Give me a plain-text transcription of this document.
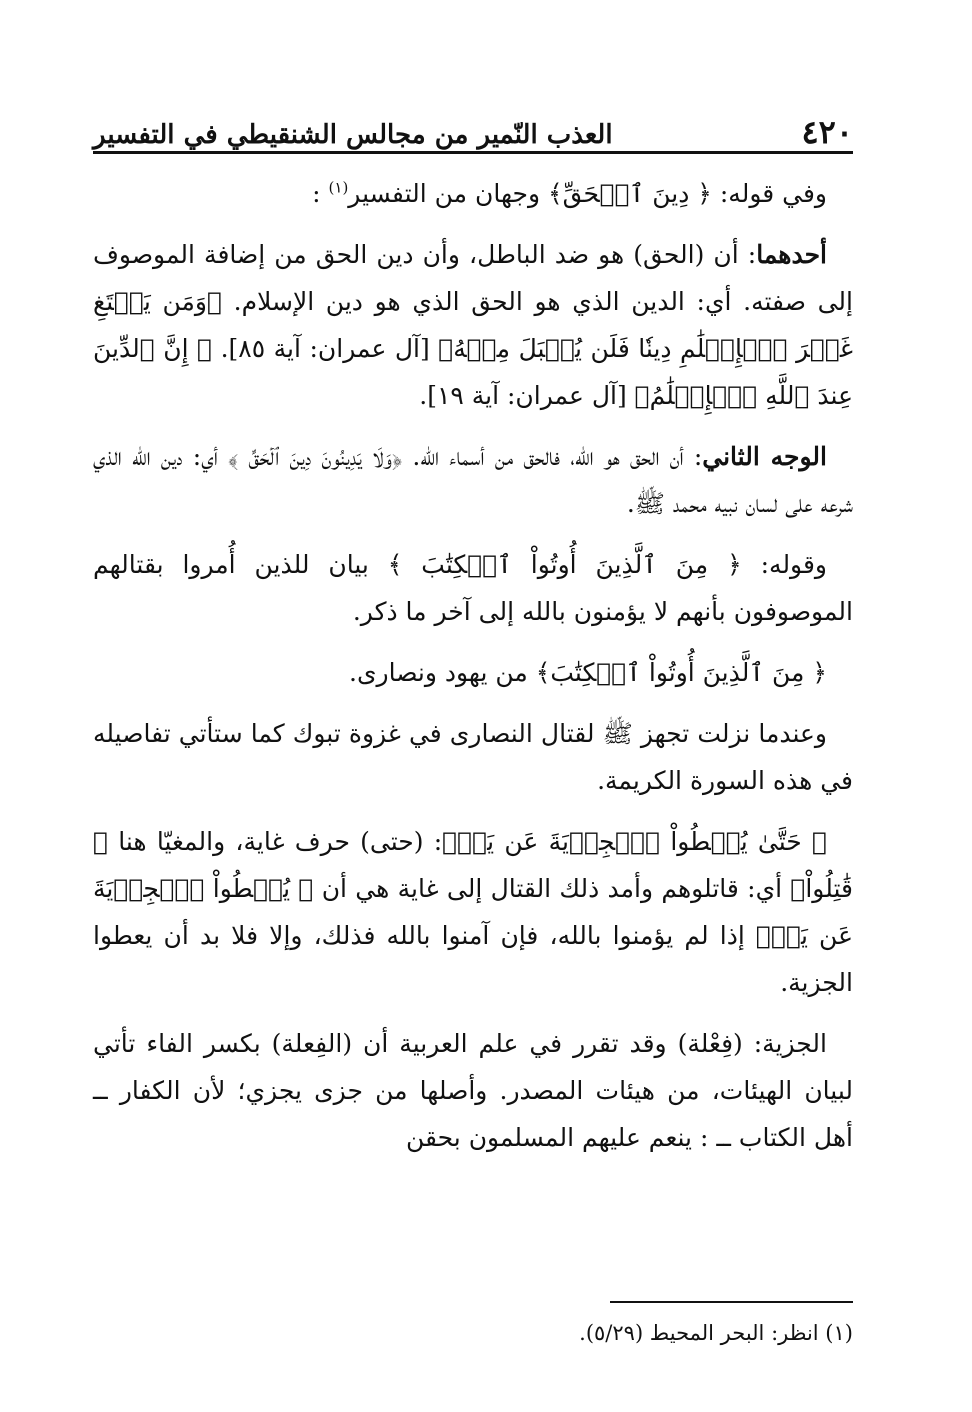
٤٢٠
العذب النّمير من مجالس الشنقيطي في التفسير

وفي قوله: ﴿ دِينَ ٱلۡحَقِّ﴾ وجهان من التفسير$^{(١)}$ :

أحدهما: أن (الحق) هو ضد الباطل، وأن دين الحق من إضافة الموصوف إلى صفته. أي: الدين الذي هو الحق الذي هو دين الإسلام. ﴿وَمَن يَبۡتَغِ غَيۡرَ ٱلۡإِسۡلَٰمِ دِينٗا فَلَن يُقۡبَلَ مِنۡهُ﴾ [آل عمران: آية ٨٥]. ﴿ إِنَّ ٱلدِّينَ عِندَ ٱللَّهِ ٱلۡإِسۡلَٰمُ﴾ [آل عمران: آية ١٩].

الوجه الثاني: أن الحق هو الله، فالحق من أسماء الله. ﴿وَلَا يَدِينُونَ دِينَ ٱلۡحَقِّ ﴾ أي: دين الله الذي شرعه على لسان نبيه محمد ﷺ.

وقوله: ﴿ مِنَ ٱلَّذِينَ أُوتُواْ ٱلۡكِتَٰبَ ﴾ بيان للذين أُمروا بقتالهم الموصوفون بأنهم لا يؤمنون بالله إلى آخر ما ذكر.

﴿ مِنَ ٱلَّذِينَ أُوتُواْ ٱلۡكِتَٰبَ﴾ من يهود ونصارى.

وعندما نزلت تجهز ﷺ لقتال النصارى في غزوة تبوك كما ستأتي تفاصيله في هذه السورة الكريمة.

﴿ حَتَّىٰ يُعۡطُواْ ٱلۡجِزۡيَةَ عَن يَدٖ﴾: (حتى) حرف غاية، والمغيّا هنا ﴿ قَٰتِلُواْ﴾ أي: قاتلوهم وأمد ذلك القتال إلى غاية هي أن ﴿ يُعۡطُواْ ٱلۡجِزۡيَةَ عَن يَدٖ﴾ إذا لم يؤمنوا بالله، فإن آمنوا بالله فذلك، وإلا فلا بد أن يعطوا الجزية.

الجزية: (فِعْلة) وقد تقرر في علم العربية أن (الفِعلة) بكسر الفاء تأتي لبيان الهيئات، من هيئات المصدر. وأصلها من جزى يجزي؛ لأن الكفار ــ أهل الكتاب ــ : ينعم عليهم المسلمون بحقن

(١) انظر: البحر المحيط (٥/٢٩).
